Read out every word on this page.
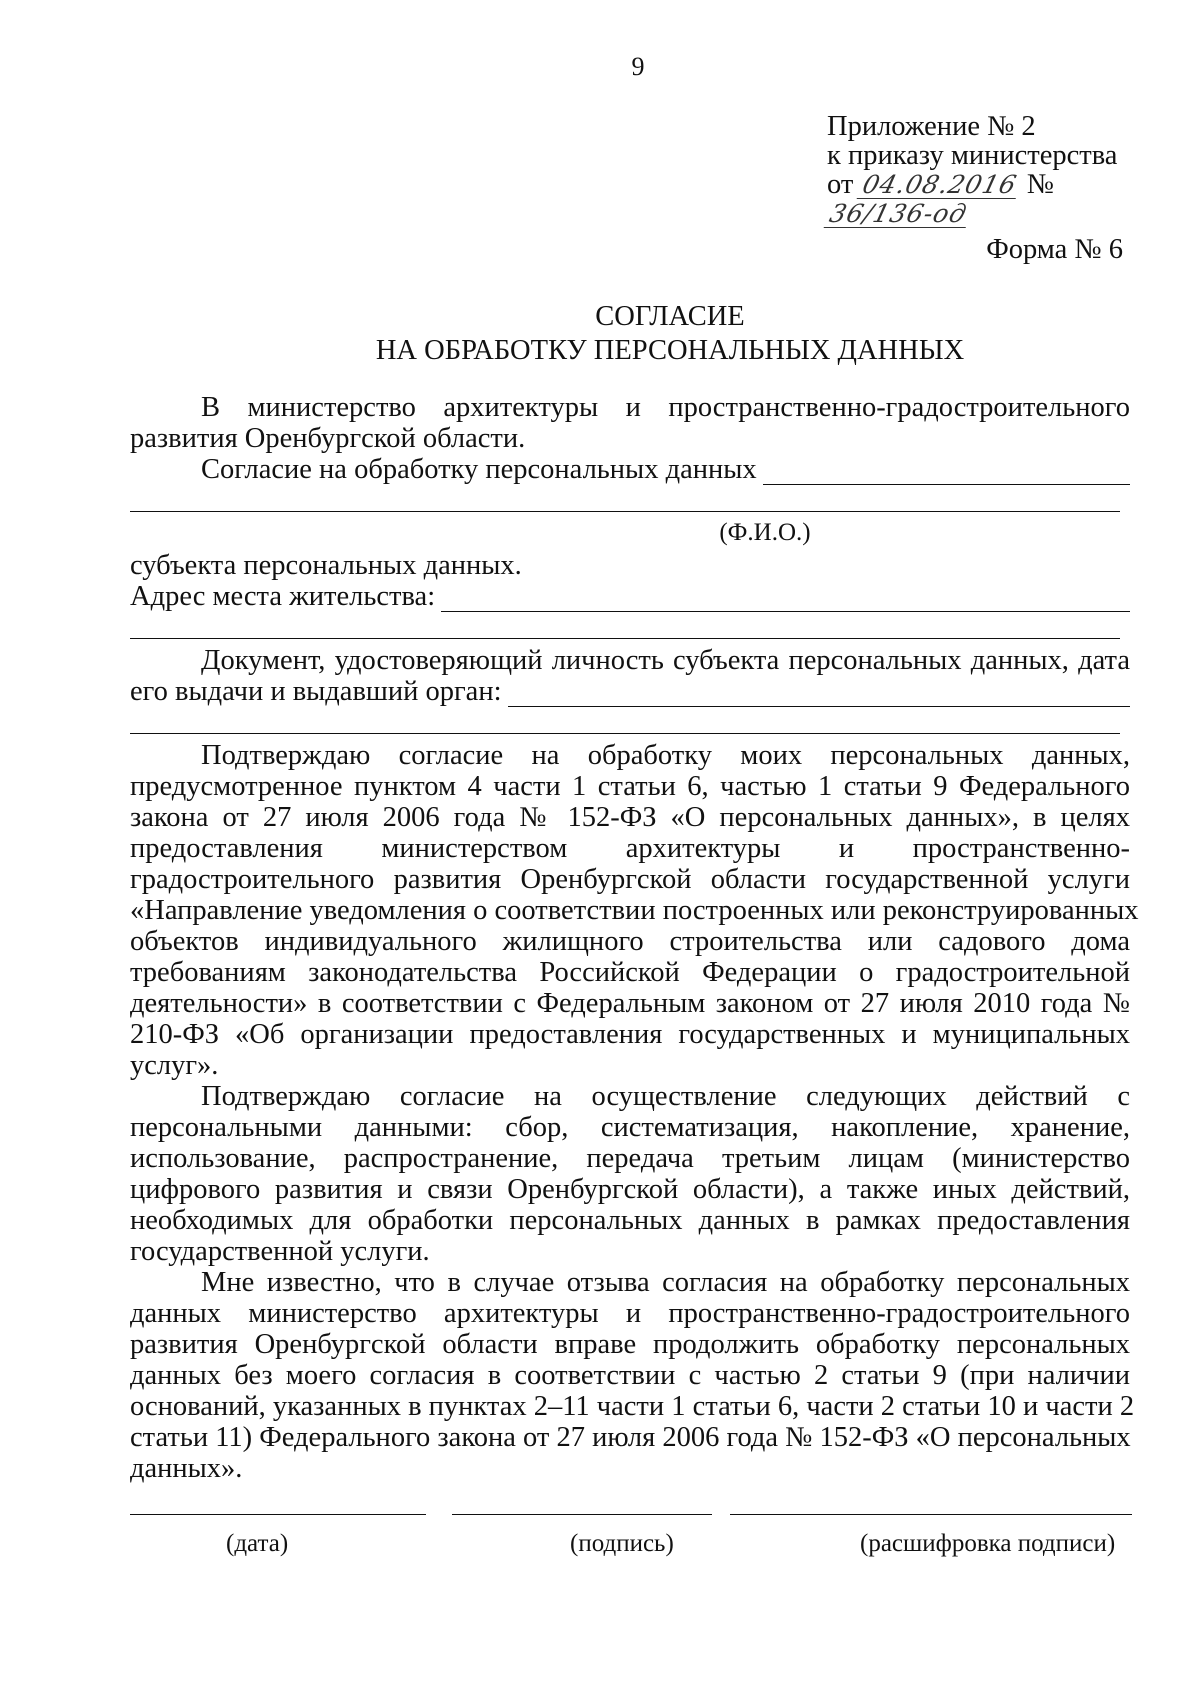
9
Приложение № 2
к приказу министерства
от 04.08.2016 № 36/136-од
Форма № 6
СОГЛАСИЕ
НА ОБРАБОТКУ ПЕРСОНАЛЬНЫХ ДАННЫХ
В министерство архитектуры и пространственно-градостроительного
развития Оренбургской области.
Согласие на обработку персональных данных
(Ф.И.О.)
субъекта персональных данных.
Адрес места жительства:
Документ, удостоверяющий личность субъекта персональных данных, дата
его выдачи и выдавший орган:
Подтверждаю согласие на обработку моих персональных данных,
предусмотренное пунктом 4 части 1 статьи 6, частью 1 статьи 9 Федерального
закона от 27 июля 2006 года № 152-ФЗ «О персональных данных», в целях
предоставления министерством архитектуры и пространственно-
градостроительного развития Оренбургской области государственной услуги
«Направление уведомления о соответствии построенных или реконструированных
объектов индивидуального жилищного строительства или садового дома
требованиям законодательства Российской Федерации о градостроительной
деятельности» в соответствии с Федеральным законом от 27 июля 2010 года №
210-ФЗ «Об организации предоставления государственных и муниципальных
услуг».
Подтверждаю согласие на осуществление следующих действий с
персональными данными: сбор, систематизация, накопление, хранение,
использование, распространение, передача третьим лицам (министерство
цифрового развития и связи Оренбургской области), а также иных действий,
необходимых для обработки персональных данных в рамках предоставления
государственной услуги.
Мне известно, что в случае отзыва согласия на обработку персональных
данных министерство архитектуры и пространственно-градостроительного
развития Оренбургской области вправе продолжить обработку персональных
данных без моего согласия в соответствии с частью 2 статьи 9 (при наличии
оснований, указанных в пунктах 2–11 части 1 статьи 6, части 2 статьи 10 и части 2
статьи 11) Федерального закона от 27 июля 2006 года № 152-ФЗ «О персональных
данных».
(дата)	(подпись)	(расшифровка подписи)
